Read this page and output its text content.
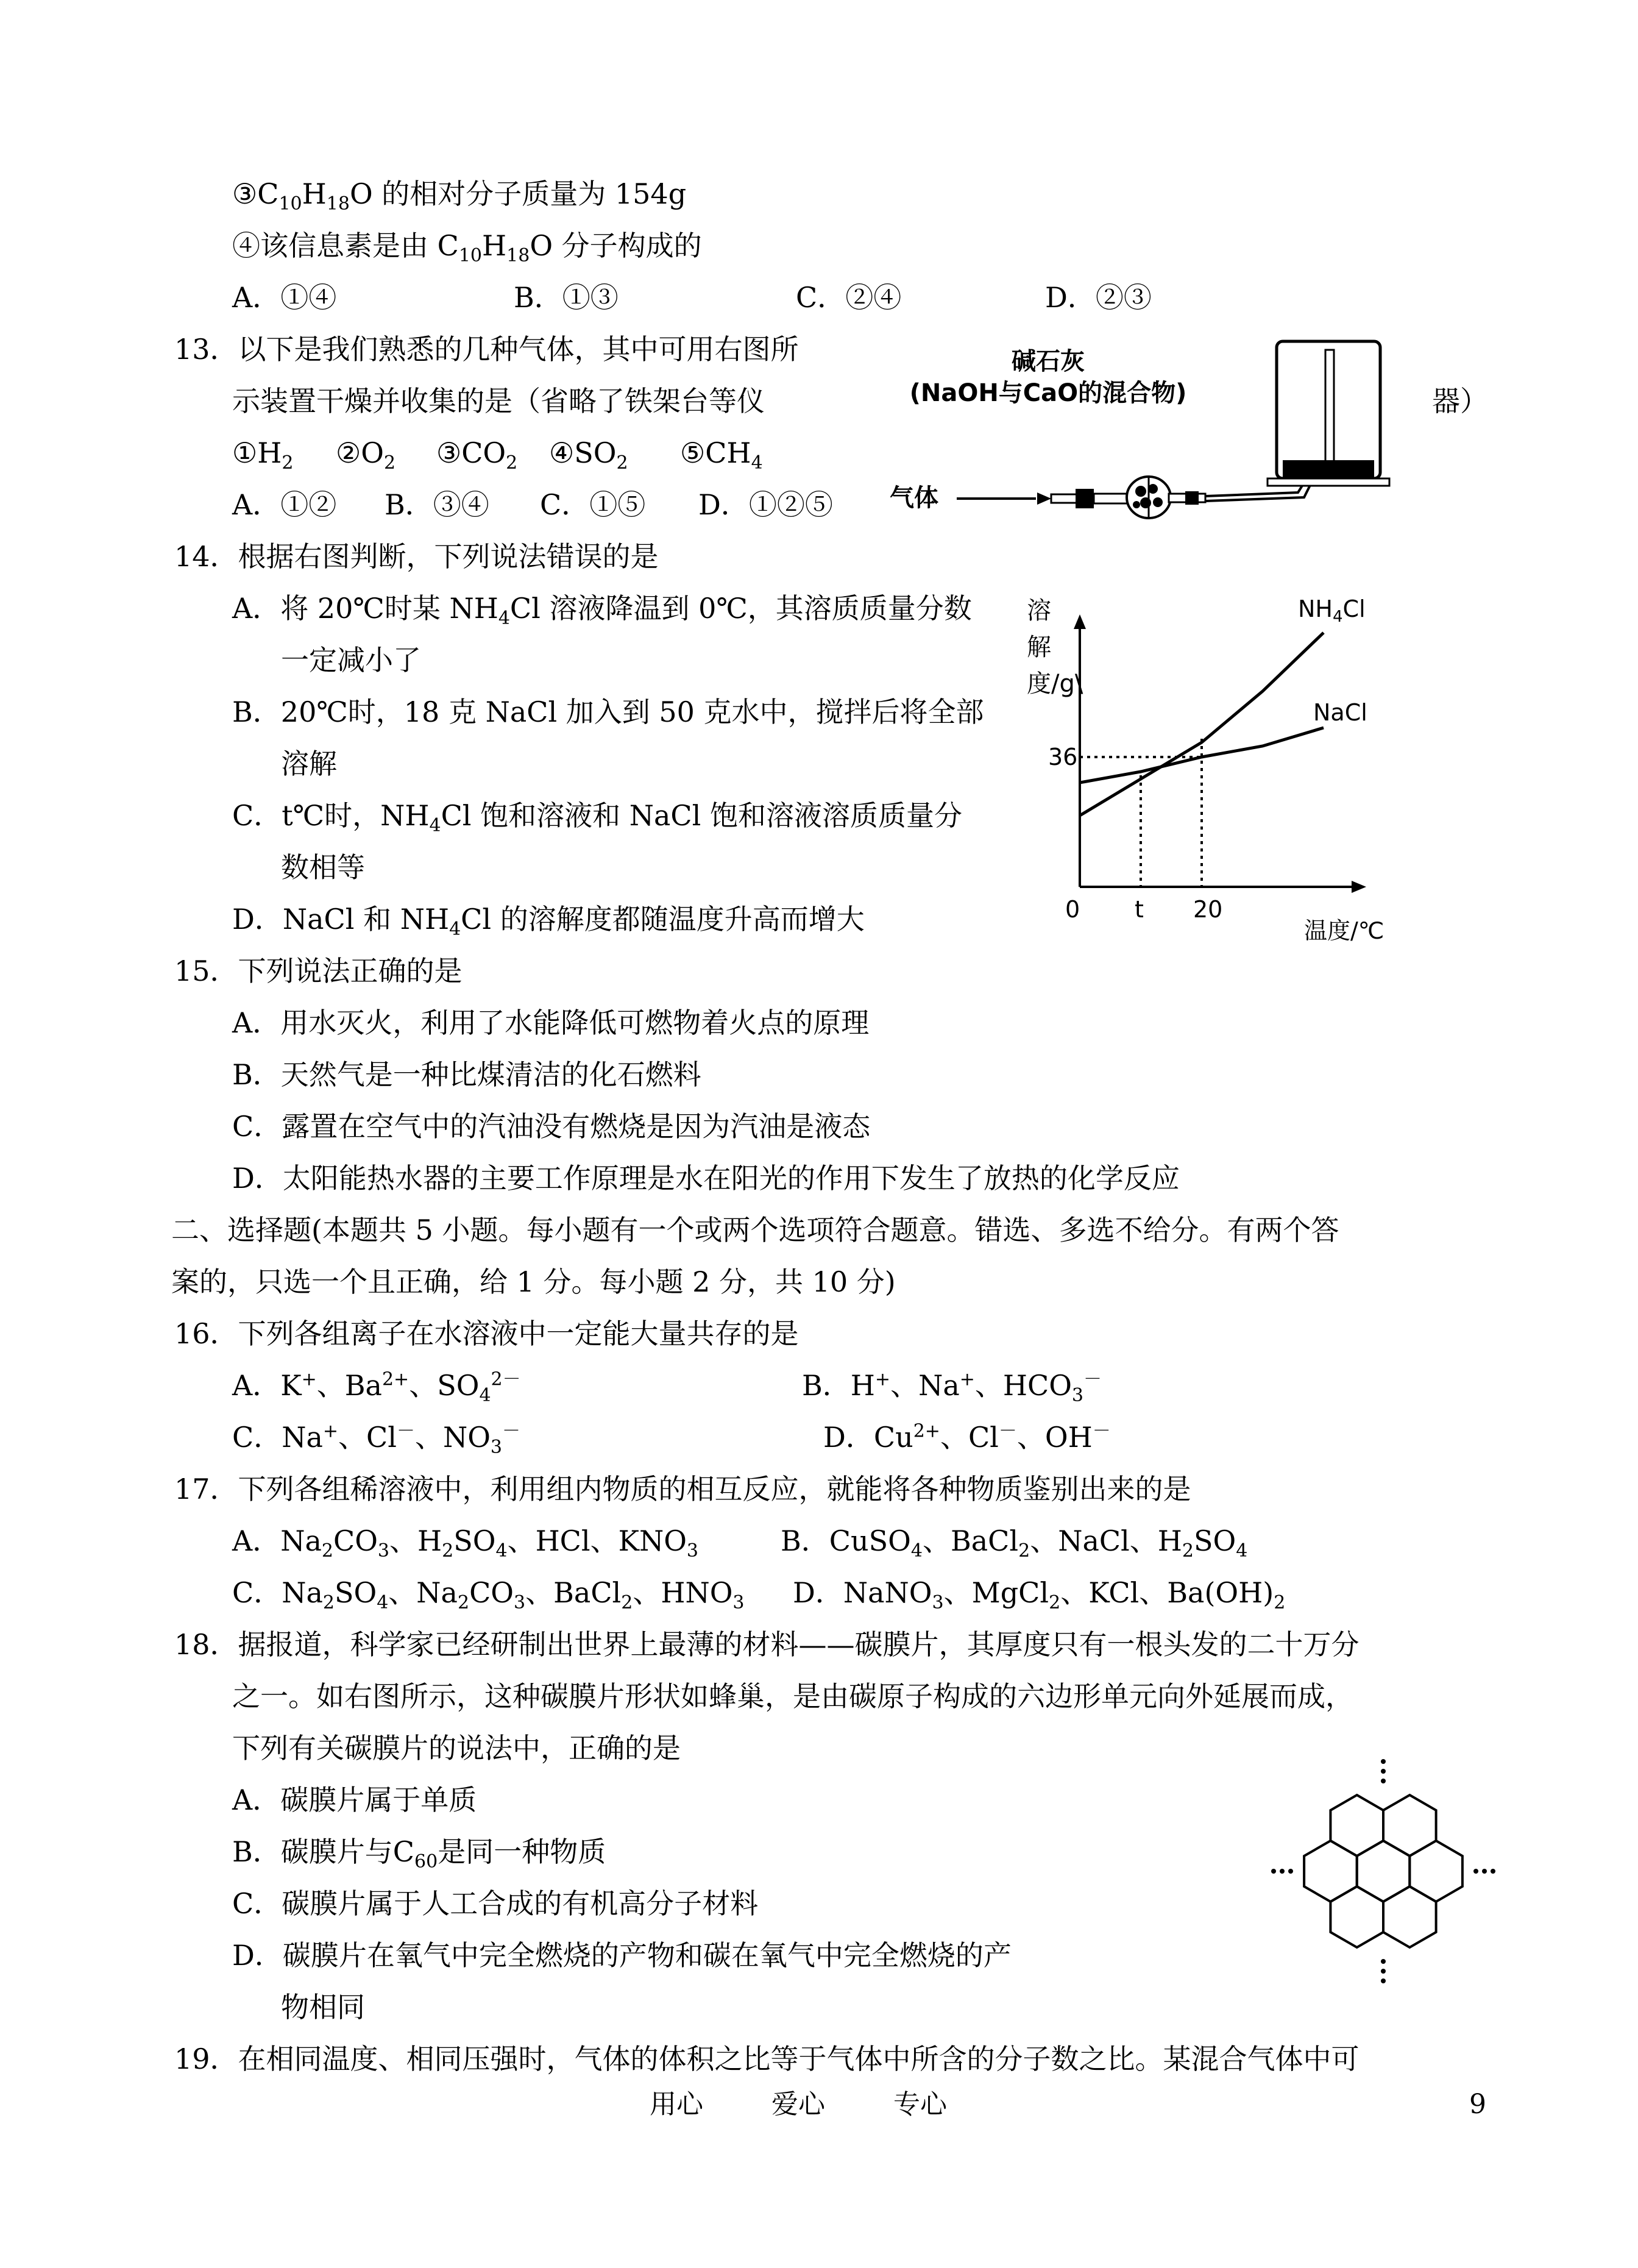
$③C_{10}H_{18}O$ 的相对分子质量为 154g
④该信息素是由 $C_{10}H_{18}O$ 分子构成的
A．①④	B．①③	C．②④	D．②③
13．以下是我们熟悉的几种气体，其中可用右图所
示装置干燥并收集的是（省略了铁架台等仪	器）
$①H_2$ $②O_2$ $③CO_2$ $④SO_2$ $⑤CH_4$
A．①② B．③④ C．①⑤ D．①②⑤
碱石灰
(NaOH与CaO的混合物)
气体
14．根据右图判断，下列说法错误的是
A．将 20℃时某 $NH_4Cl$ 溶液降温到 0℃，其溶质质量分数
一定减小了
B．20℃时，18 克 NaCl 加入到 50 克水中，搅拌后将全部
溶解
C．t℃时，$NH_4Cl$ 饱和溶液和 NaCl 饱和溶液溶质质量分
数相等
D．NaCl 和 $NH_4Cl$ 的溶解度都随温度升高而增大
溶
解
度/g\
$NH_4Cl$
NaCl
36
0 t 20
温度/℃
15．下列说法正确的是
A．用水灭火，利用了水能降低可燃物着火点的原理
B．天然气是一种比煤清洁的化石燃料
C．露置在空气中的汽油没有燃烧是因为汽油是液态
D．太阳能热水器的主要工作原理是水在阳光的作用下发生了放热的化学反应
二、选择题(本题共 5 小题。每小题有一个或两个选项符合题意。错选、多选不给分。有两个答
案的，只选一个且正确，给 1 分。每小题 2 分，共 10 分)
16．下列各组离子在水溶液中一定能大量共存的是
A．K+、$Ba^{2+}$、$SO_4^{2-}$	B．H+、Na+、$HCO_3^-$
C．Na+、Cl－、$NO_3^-$	D．$Cu^{2+}$、Cl－、OH－
17．下列各组稀溶液中，利用组内物质的相互反应，就能将各种物质鉴别出来的是
A．$Na_2CO_3$、$H_2SO_4$、HCl、$KNO_3$	B．CuSO$_4$、BaCl$_2$、NaCl、$H_2SO_4$
C．$Na_2SO_4$、$Na_2CO_3$、BaCl$_2$、$HNO_3$ D．NaNO$_3$、MgCl$_2$、KCl、$Ba(OH)_2$
18．据报道，科学家已经研制出世界上最薄的材料——碳膜片，其厚度只有一根头发的二十万分
之一。如右图所示，这种碳膜片形状如蜂巢，是由碳原子构成的六边形单元向外延展而成，
下列有关碳膜片的说法中，正确的是
A．碳膜片属于单质
B．碳膜片与$C_{60}$是同一种物质
C．碳膜片属于人工合成的有机高分子材料
D．碳膜片在氧气中完全燃烧的产物和碳在氧气中完全燃烧的产
物相同
19．在相同温度、相同压强时，气体的体积之比等于气体中所含的分子数之比。某混合气体中可
用心	爱心	专心	9
